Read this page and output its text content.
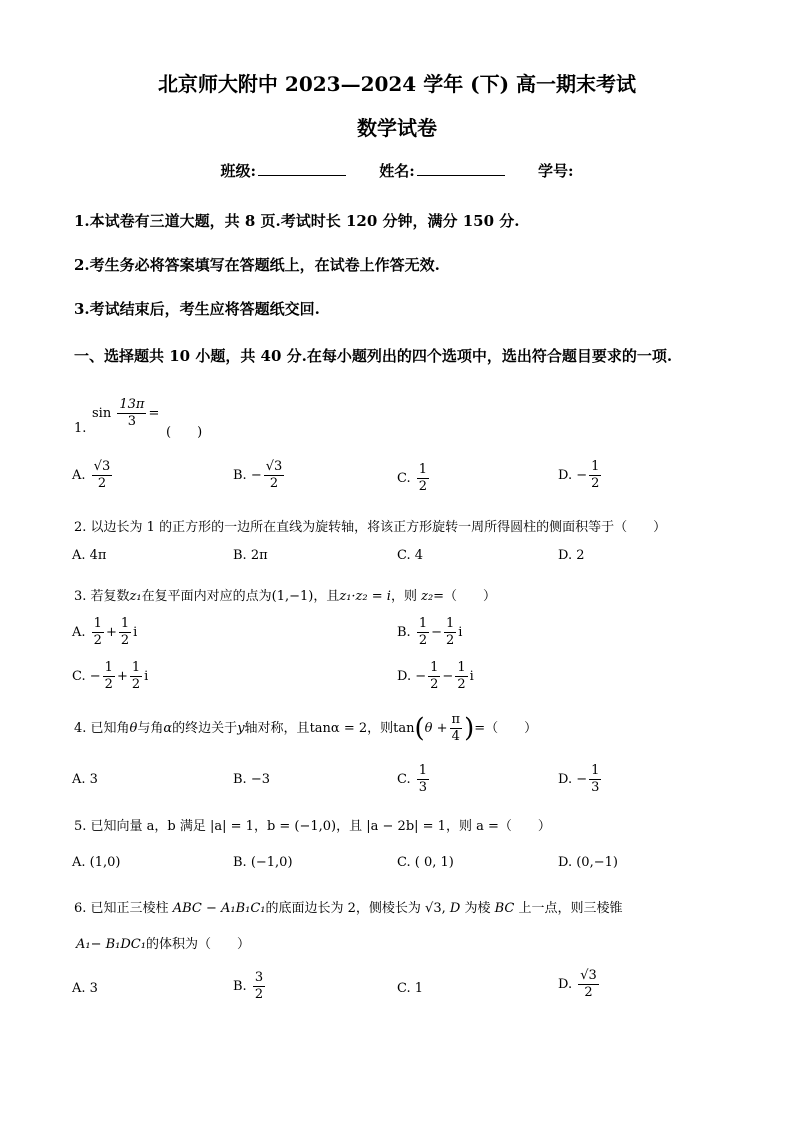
北京师大附中 2023—2024 学年 (下) 高一期末考试
数学试卷
班级:	姓名:	学号:
1.本试卷有三道大题，共 8 页.考试时长 120 分钟，满分 150 分.
2.考生务必将答案填写在答题纸上，在试卷上作答无效.
3.考试结束后，考生应将答题纸交回.
一、选择题共 10 小题，共 40 分.在每小题列出的四个选项中，选出符合题目要求的一项.
$\sin \frac{13\pi}{3}$ =
1.	(　　)
A. $\frac{√3}{2}$	B. − $\frac{√3}{2}$	C. $\frac{1}{2}$	D. − $\frac{1}{2}$
2. 以边长为 1 的正方形的一边所在直线为旋转轴，将该正方形旋转一周所得圆柱的侧面积等于（　　）
A. 4π	B. 2π	C. 4	D. 2
3. 若复数z₁在复平面内对应的点为(1,−1)，且z₁·z₂ = i，则 z₂=（　　）
A. $\frac{1}{2} + \frac{1}{2}$ i	B. $\frac{1}{2} - \frac{1}{2}$ i
C. − $\frac{1}{2} + \frac{1}{2}$ i	D. − $\frac{1}{2} - \frac{1}{2}$ i
4. 已知角θ与角α的终边关于y轴对称，且tanα = 2，则$\tan(\theta + \frac{\pi}{4}$ )=（　　）
A. 3	B. −3	C. $\frac{1}{3}$	D. − $\frac{1}{3}$
5. 已知向量 a，b 满足 |a| = 1，b = (−1,0)，且 |a − 2b| = 1，则 a =（　　）
A. (1,0)	B. (−1,0)	C. ( 0, 1)	D. (0,−1)
6. 已知正三棱柱 ABC − A₁B₁C₁的底面边长为 2，侧棱长为 √3, D 为棱 BC 上一点，则三棱锥
A₁− B₁DC₁的体积为（　　）
A. 3	B. $\frac{3}{2}$	C. 1	D. $\frac{√3}{2}$
